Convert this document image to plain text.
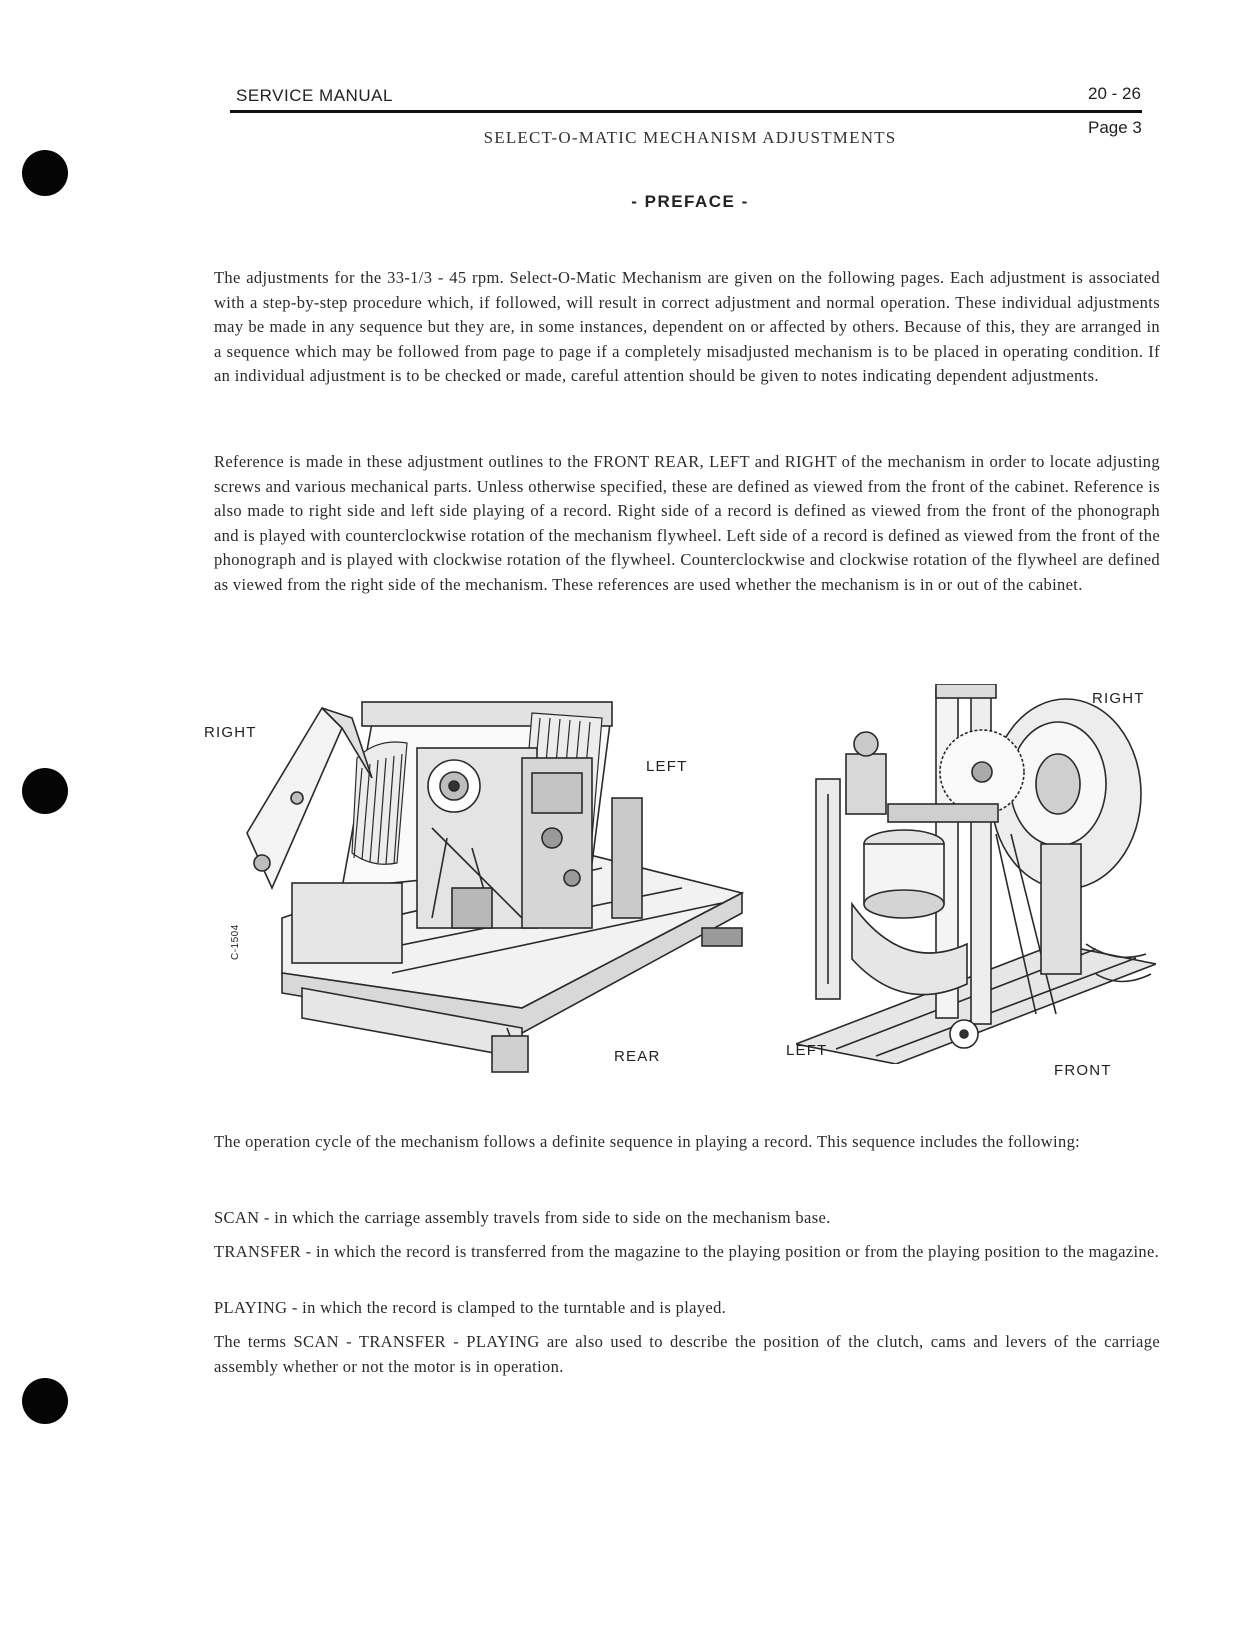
SERVICE MANUAL	20 - 26
Page 3
SELECT-O-MATIC MECHANISM ADJUSTMENTS
- PREFACE -
The adjustments for the 33-1/3 - 45 rpm. Select-O-Matic Mechanism are given on the following pages. Each adjustment is associated with a step-by-step procedure which, if followed, will result in correct adjustment and normal operation. These individual adjustments may be made in any sequence but they are, in some instances, dependent on or affected by others. Because of this, they are arranged in a sequence which may be followed from page to page if a completely misadjusted mechanism is to be placed in operating condition. If an individual adjustment is to be checked or made, careful attention should be given to notes indicating dependent adjustments.
Reference is made in these adjustment outlines to the FRONT REAR, LEFT and RIGHT of the mechanism in order to locate adjusting screws and various mechanical parts. Unless otherwise specified, these are defined as viewed from the front of the cabinet. Reference is also made to right side and left side playing of a record. Right side of a record is defined as viewed from the front of the phonograph and is played with counterclockwise rotation of the mechanism flywheel. Left side of a record is defined as viewed from the front of the phonograph and is played with clockwise rotation of the flywheel. Counterclockwise and clockwise rotation of the flywheel are defined as viewed from the right side of the mechanism. These references are used whether the mechanism is in or out of the cabinet.
RIGHT
LEFT
REAR
C-1504
RIGHT
LEFT
FRONT
The operation cycle of the mechanism follows a definite sequence in playing a record. This sequence includes the following:
SCAN - in which the carriage assembly travels from side to side on the mechanism base.
TRANSFER - in which the record is transferred from the magazine to the playing position or from the playing position to the magazine.
PLAYING - in which the record is clamped to the turntable and is played.
The terms SCAN - TRANSFER - PLAYING are also used to describe the position of the clutch, cams and levers of the carriage assembly whether or not the motor is in operation.
